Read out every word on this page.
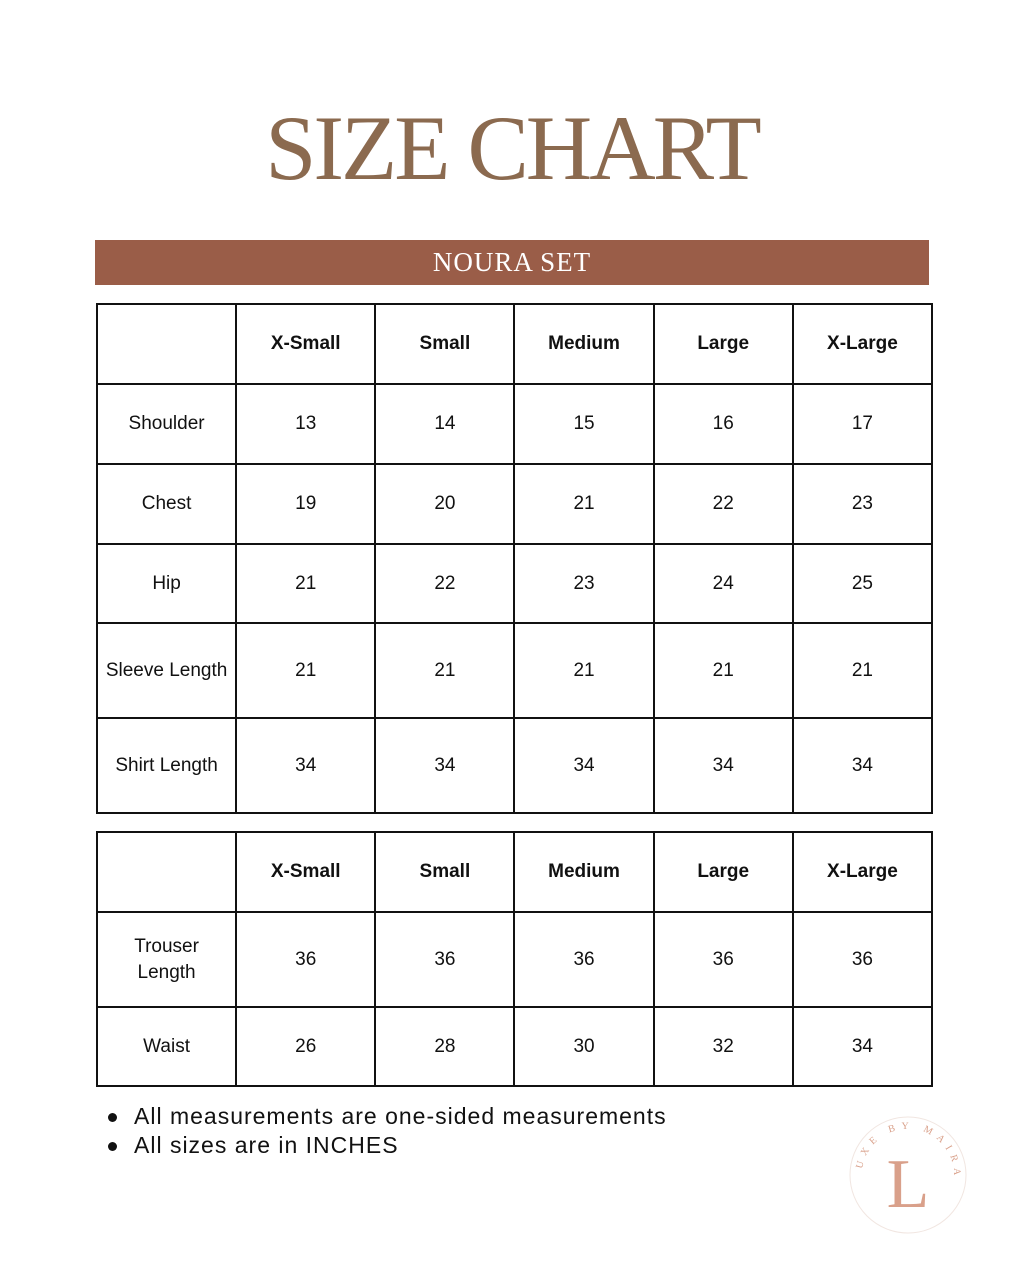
SIZE CHART
NOURA SET
	X-Small	Small	Medium	Large	X-Large
Shoulder	13	14	15	16	17
Chest	19	20	21	22	23
Hip	21	22	23	24	25
Sleeve Length	21	21	21	21	21
Shirt Length	34	34	34	34	34
	X-Small	Small	Medium	Large	X-Large
Trouser Length	36	36	36	36	36
Waist	26	28	30	32	34
All measurements are one-sided measurements
All sizes are in INCHES
UXE BY MAIRA
L
